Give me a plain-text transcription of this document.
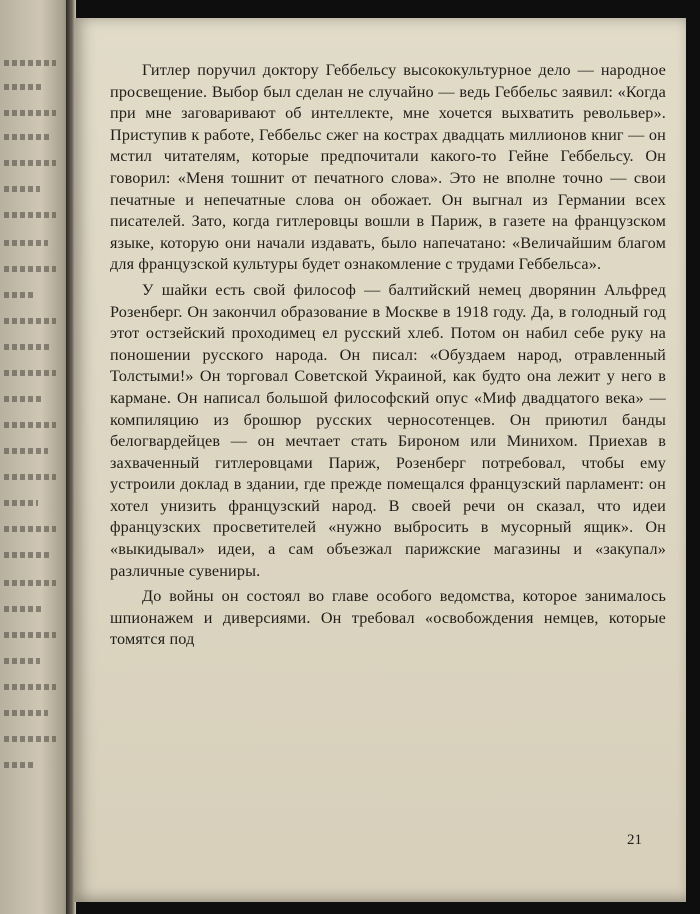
Гитлер поручил доктору Геббельсу высококультурное дело — народное просвещение. Выбор был сделан не случайно — ведь Геббельс заявил: «Когда при мне заговаривают об интеллекте, мне хочется выхватить револьвер». Приступив к работе, Геббельс сжег на кострах двадцать миллионов книг — он мстил читателям, которые предпочитали какого-то Гейне Геббельсу. Он говорил: «Меня тошнит от печатного слова». Это не вполне точно — свои печатные и непечатные слова он обожает. Он выгнал из Германии всех писателей. Зато, когда гитлеровцы вошли в Париж, в газете на французском языке, которую они начали издавать, было напечатано: «Величайшим благом для французской культуры будет ознакомление с трудами Геббельса».

У шайки есть свой философ — балтийский немец дворянин Альфред Розенберг. Он закончил образование в Москве в 1918 году. Да, в голодный год этот остзейский проходимец ел русский хлеб. Потом он набил себе руку на поношении русского народа. Он писал: «Обуздаем народ, отравленный Толстыми!» Он торговал Советской Украиной, как будто она лежит у него в кармане. Он написал большой философский опус «Миф двадцатого века» — компиляцию из брошюр русских черносотенцев. Он приютил банды белогвардейцев — он мечтает стать Бироном или Минихом. Приехав в захваченный гитлеровцами Париж, Розенберг потребовал, чтобы ему устроили доклад в здании, где прежде помещался французский парламент: он хотел унизить французский народ. В своей речи он сказал, что идеи французских просветителей «нужно выбросить в мусорный ящик». Он «выкидывал» идеи, а сам объезжал парижские магазины и «закупал» различные сувениры.

До войны он состоял во главе особого ведомства, которое занималось шпионажем и диверсиями. Он требовал «освобождения немцев, которые томятся под

21
